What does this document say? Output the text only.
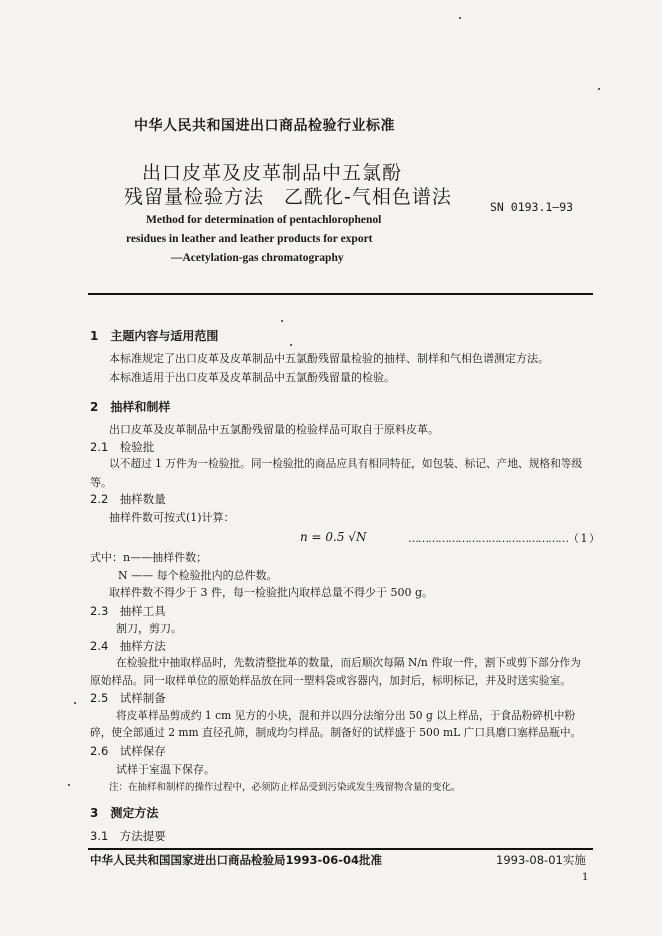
中华人民共和国进出口商品检验行业标准
出口皮革及皮革制品中五氯酚
残留量检验方法　乙酰化-气相色谱法	SN 0193.1—93
Method for determination of pentachlorophenol
residues in leather and leather products for export
—Acetylation-gas chromatography
1　主题内容与适用范围
本标准规定了出口皮革及皮革制品中五氯酚残留量检验的抽样、制样和气相色谱测定方法。
本标准适用于出口皮革及皮革制品中五氯酚残留量的检验。
2　抽样和制样
出口皮革及皮革制品中五氯酚残留量的检验样品可取自于原料皮革。
2.1　检验批
以不超过 1 万件为一检验批。同一检验批的商品应具有相同特征，如包装、标记、产地、规格和等级
等。
2.2　抽样数量
抽样件数可按式(1)计算：
n = 0.5 √N	…………………………………………（ 1 ）
式中：n——抽样件数；
N —— 每个检验批内的总件数。
取样件数不得少于 3 件，每一检验批内取样总量不得少于 500 g。
2.3　抽样工具
割刀，剪刀。
2.4　抽样方法
在检验批中抽取样品时，先数清整批革的数量，而后顺次每隔 N/n 件取一件，割下或剪下部分作为
原始样品。同一取样单位的原始样品放在同一塑料袋或容器内，加封后，标明标记，并及时送实验室。
2.5　试样制备
将皮革样品剪成约 1 cm 见方的小块，混和并以四分法缩分出 50 g 以上样品，于食品粉碎机中粉
碎，使全部通过 2 mm 直径孔筛，制成均匀样品。制备好的试样盛于 500 mL 广口具磨口塞样品瓶中。
2.6　试样保存
试样于室温下保存。
注：在抽样和制样的操作过程中，必须防止样品受到污染或发生残留物含量的变化。
3　测定方法
3.1　方法提要
中华人民共和国国家进出口商品检验局1993-06-04批准	1993-08-01实施
1
